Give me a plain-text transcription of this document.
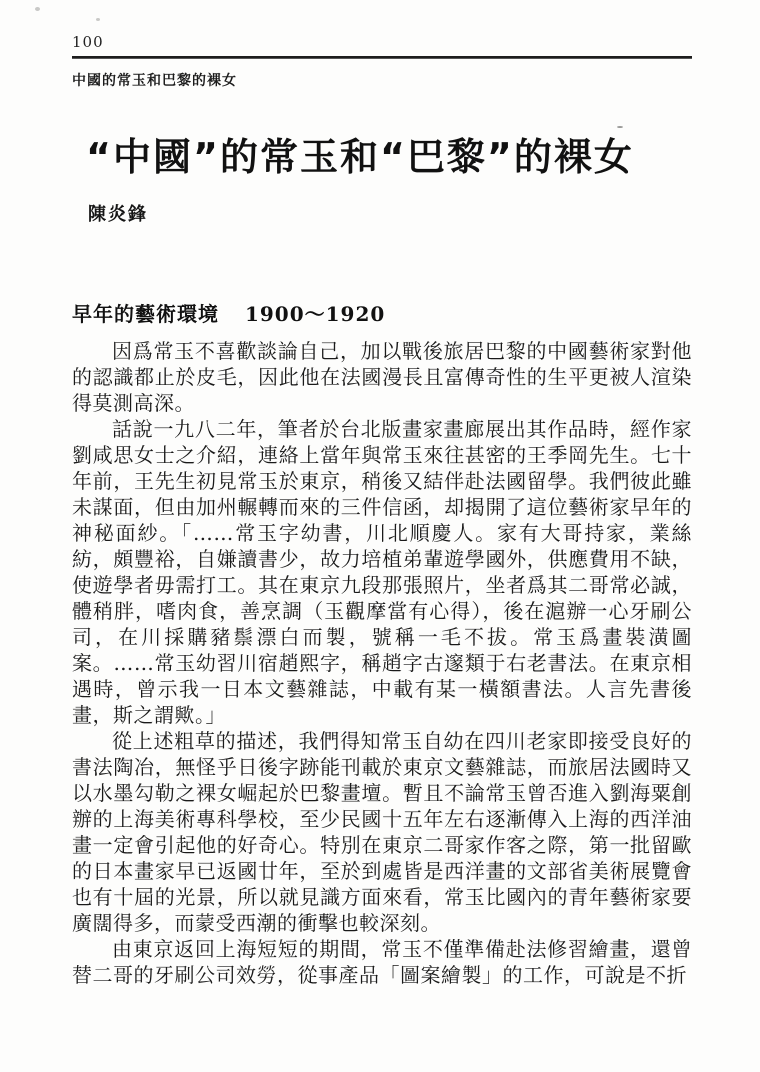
100
中國的常玉和巴黎的裸女
“中國”的常玉和“巴黎”的裸女
陳炎鋒
早年的藝術環境 1900～1920

因爲常玉不喜歡談論自己，加以戰後旅居巴黎的中國藝術家對他的認識都止於皮毛，因此他在法國漫長且富傳奇性的生平更被人渲染得莫測高深。

話說一九八二年，筆者於台北版畫家畫廊展出其作品時，經作家劉咸思女士之介紹，連絡上當年與常玉來往甚密的王季岡先生。七十年前，王先生初見常玉於東京，稍後又結伴赴法國留學。我們彼此雖未謀面，但由加州輾轉而來的三件信函，却揭開了這位藝術家早年的神秘面紗。「……常玉字幼書，川北順慶人。家有大哥持家，業絲紡，頗豐裕，自嫌讀書少，故力培植弟輩遊學國外，供應費用不缺，使遊學者毋需打工。其在東京九段那張照片，坐者爲其二哥常必誠，體稍胖，嗜肉食，善烹調（玉觀摩當有心得），後在滬辦一心牙刷公司，在川採購豬鬃漂白而製，號稱一毛不拔。常玉爲畫裝潢圖案。……常玉幼習川宿趙熙字，稱趙字古邃類于右老書法。在東京相遇時，曾示我一日本文藝雜誌，中載有某一橫額書法。人言先書後畫，斯之謂歟。」

從上述粗草的描述，我們得知常玉自幼在四川老家即接受良好的書法陶冶，無怪乎日後字跡能刊載於東京文藝雜誌，而旅居法國時又以水墨勾勒之裸女崛起於巴黎畫壇。暫且不論常玉曾否進入劉海粟創辦的上海美術專科學校，至少民國十五年左右逐漸傳入上海的西洋油畫一定會引起他的好奇心。特別在東京二哥家作客之際，第一批留歐的日本畫家早已返國廿年，至於到處皆是西洋畫的文部省美術展覽會也有十屆的光景，所以就見識方面來看，常玉比國內的青年藝術家要廣闊得多，而蒙受西潮的衝擊也較深刻。

由東京返回上海短短的期間，常玉不僅準備赴法修習繪畫，還曾替二哥的牙刷公司效勞，從事產品「圖案繪製」的工作，可說是不折
